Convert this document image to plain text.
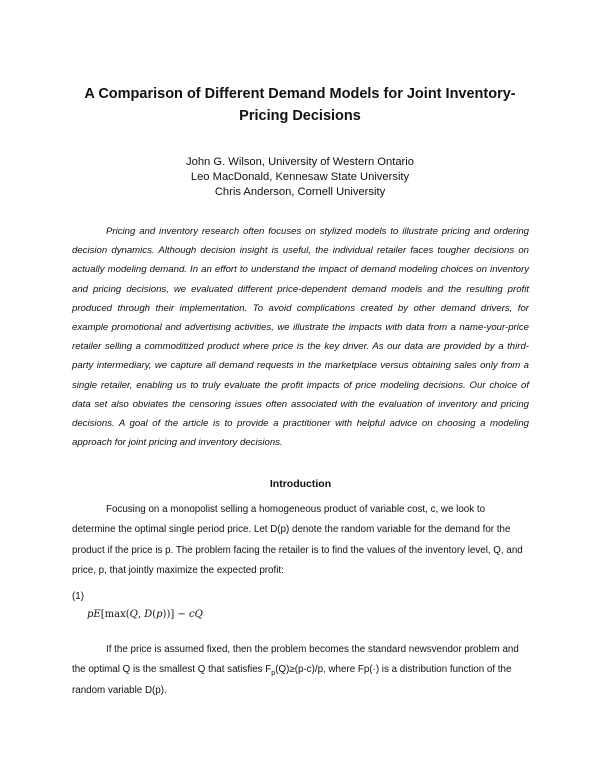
A Comparison of Different Demand Models for Joint Inventory-Pricing Decisions
John G. Wilson, University of Western Ontario
Leo MacDonald, Kennesaw State University
Chris Anderson, Cornell University

Pricing and inventory research often focuses on stylized models to illustrate pricing and ordering decision dynamics. Although decision insight is useful, the individual retailer faces tougher decisions on actually modeling demand. In an effort to understand the impact of demand modeling choices on inventory and pricing decisions, we evaluated different price-dependent demand models and the resulting profit produced through their implementation. To avoid complications created by other demand drivers, for example promotional and advertising activities, we illustrate the impacts with data from a name-your-price retailer selling a commoditized product where price is the key driver. As our data are provided by a third-party intermediary, we capture all demand requests in the marketplace versus obtaining sales only from a single retailer, enabling us to truly evaluate the profit impacts of price modeling decisions. Our choice of data set also obviates the censoring issues often associated with the evaluation of inventory and pricing decisions. A goal of the article is to provide a practitioner with helpful advice on choosing a modeling approach for joint pricing and inventory decisions.

Introduction

Focusing on a monopolist selling a homogeneous product of variable cost, c, we look to determine the optimal single period price. Let D(p) denote the random variable for the demand for the product if the price is p. The problem facing the retailer is to find the values of the inventory level, Q, and price, p, that jointly maximize the expected profit:

(1)

pE[max(Q, D(p))] − cQ

If the price is assumed fixed, then the problem becomes the standard newsvendor problem and the optimal Q is the smallest Q that satisfies $F_p(Q)\ge(p-c)/p$, where Fp(·) is a distribution function of the random variable D(p).
